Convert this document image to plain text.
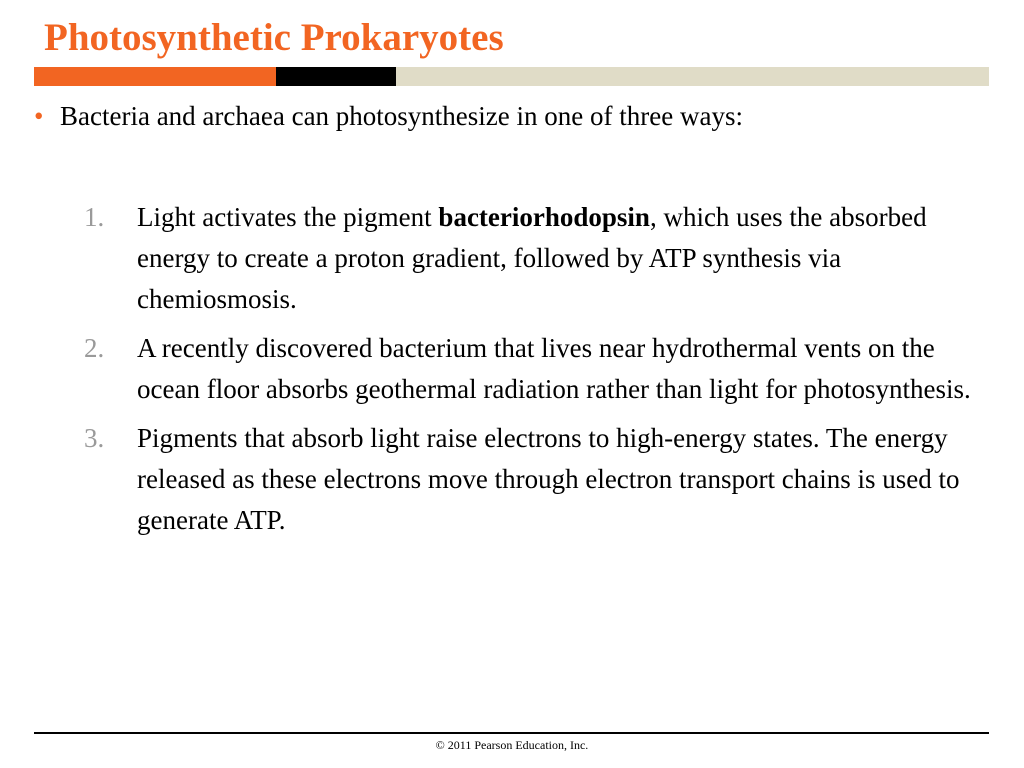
Photosynthetic Prokaryotes
• Bacteria and archaea can photosynthesize in one of three ways:
1.	Light activates the pigment bacteriorhodopsin, which uses the absorbed energy to create a proton gradient, followed by ATP synthesis via chemiosmosis.
2.	A recently discovered bacterium that lives near hydrothermal vents on the ocean floor absorbs geothermal radiation rather than light for photosynthesis.
3.	Pigments that absorb light raise electrons to high-energy states. The energy released as these electrons move through electron transport chains is used to generate ATP.
© 2011 Pearson Education, Inc.
